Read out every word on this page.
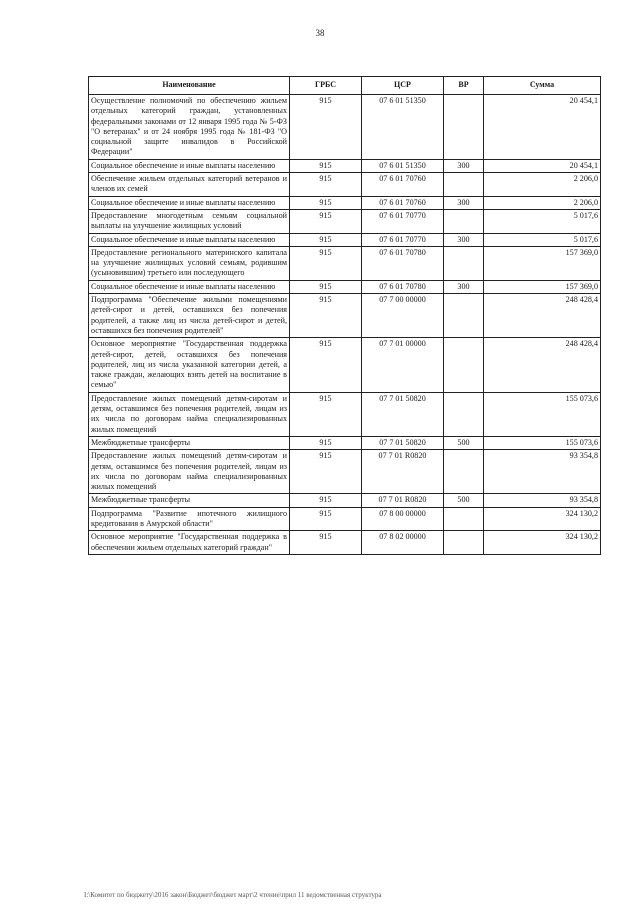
38
Наименование	ГРБС	ЦСР	ВР	Сумма
Осуществление полномочий по обеспечению жильем отдельных категорий граждан, установленных федеральными законами от 12 января 1995 года № 5-ФЗ "О ветеранах" и от 24 ноября 1995 года № 181-ФЗ "О социальной защите инвалидов в Российской Федерации"	915	07 6 01 51350		20 454,1
Социальное обеспечение и иные выплаты населению	915	07 6 01 51350	300	20 454,1
Обеспечение жильем отдельных категорий ветеранов и членов их семей	915	07 6 01 70760		2 206,0
Социальное обеспечение и иные выплаты населению	915	07 6 01 70760	300	2 206,0
Предоставление многодетным семьям социальной выплаты на улучшение жилищных условий	915	07 6 01 70770		5 017,6
Социальное обеспечение и иные выплаты населению	915	07 6 01 70770	300	5 017,6
Предоставление регионального материнского капитала на улучшение жилищных условий семьям, родившим (усыновившим) третьего или последующего	915	07 6 01 70780		157 369,0
Социальное обеспечение и иные выплаты населению	915	07 6 01 70780	300	157 369,0
Подпрограмма "Обеспечение жилыми помещениями детей-сирот и детей, оставшихся без попечения родителей, а также лиц из числа детей-сирот и детей, оставшихся без попечения родителей"	915	07 7 00 00000		248 428,4
Основное мероприятие "Государственная поддержка детей-сирот, детей, оставшихся без попечения родителей, лиц из числа указанной категории детей, а также граждан, желающих взять детей на воспитание в семью"	915	07 7 01 00000		248 428,4
Предоставление жилых помещений детям-сиротам и детям, оставшимся без попечения родителей, лицам из их числа по договорам найма специализированных жилых помещений	915	07 7 01 50820		155 073,6
Межбюджетные трансферты	915	07 7 01 50820	500	155 073,6
Предоставление жилых помещений детям-сиротам и детям, оставшимся без попечения родителей, лицам из их числа по договорам найма специализированных жилых помещений	915	07 7 01 R0820		93 354,8
Межбюджетные трансферты	915	07 7 01 R0820	500	93 354,8
Подпрограмма "Развитие ипотечного жилищного кредитования в Амурской области"	915	07 8 00 00000		324 130,2
Основное мероприятие "Государственная поддержка в обеспечении жильем отдельных категорий граждан"	915	07 8 02 00000		324 130,2
I:\Комитет по бюджету\2016 закон\Бюджет\бюджет март\2 чтение\прил 11 ведомственная структура
